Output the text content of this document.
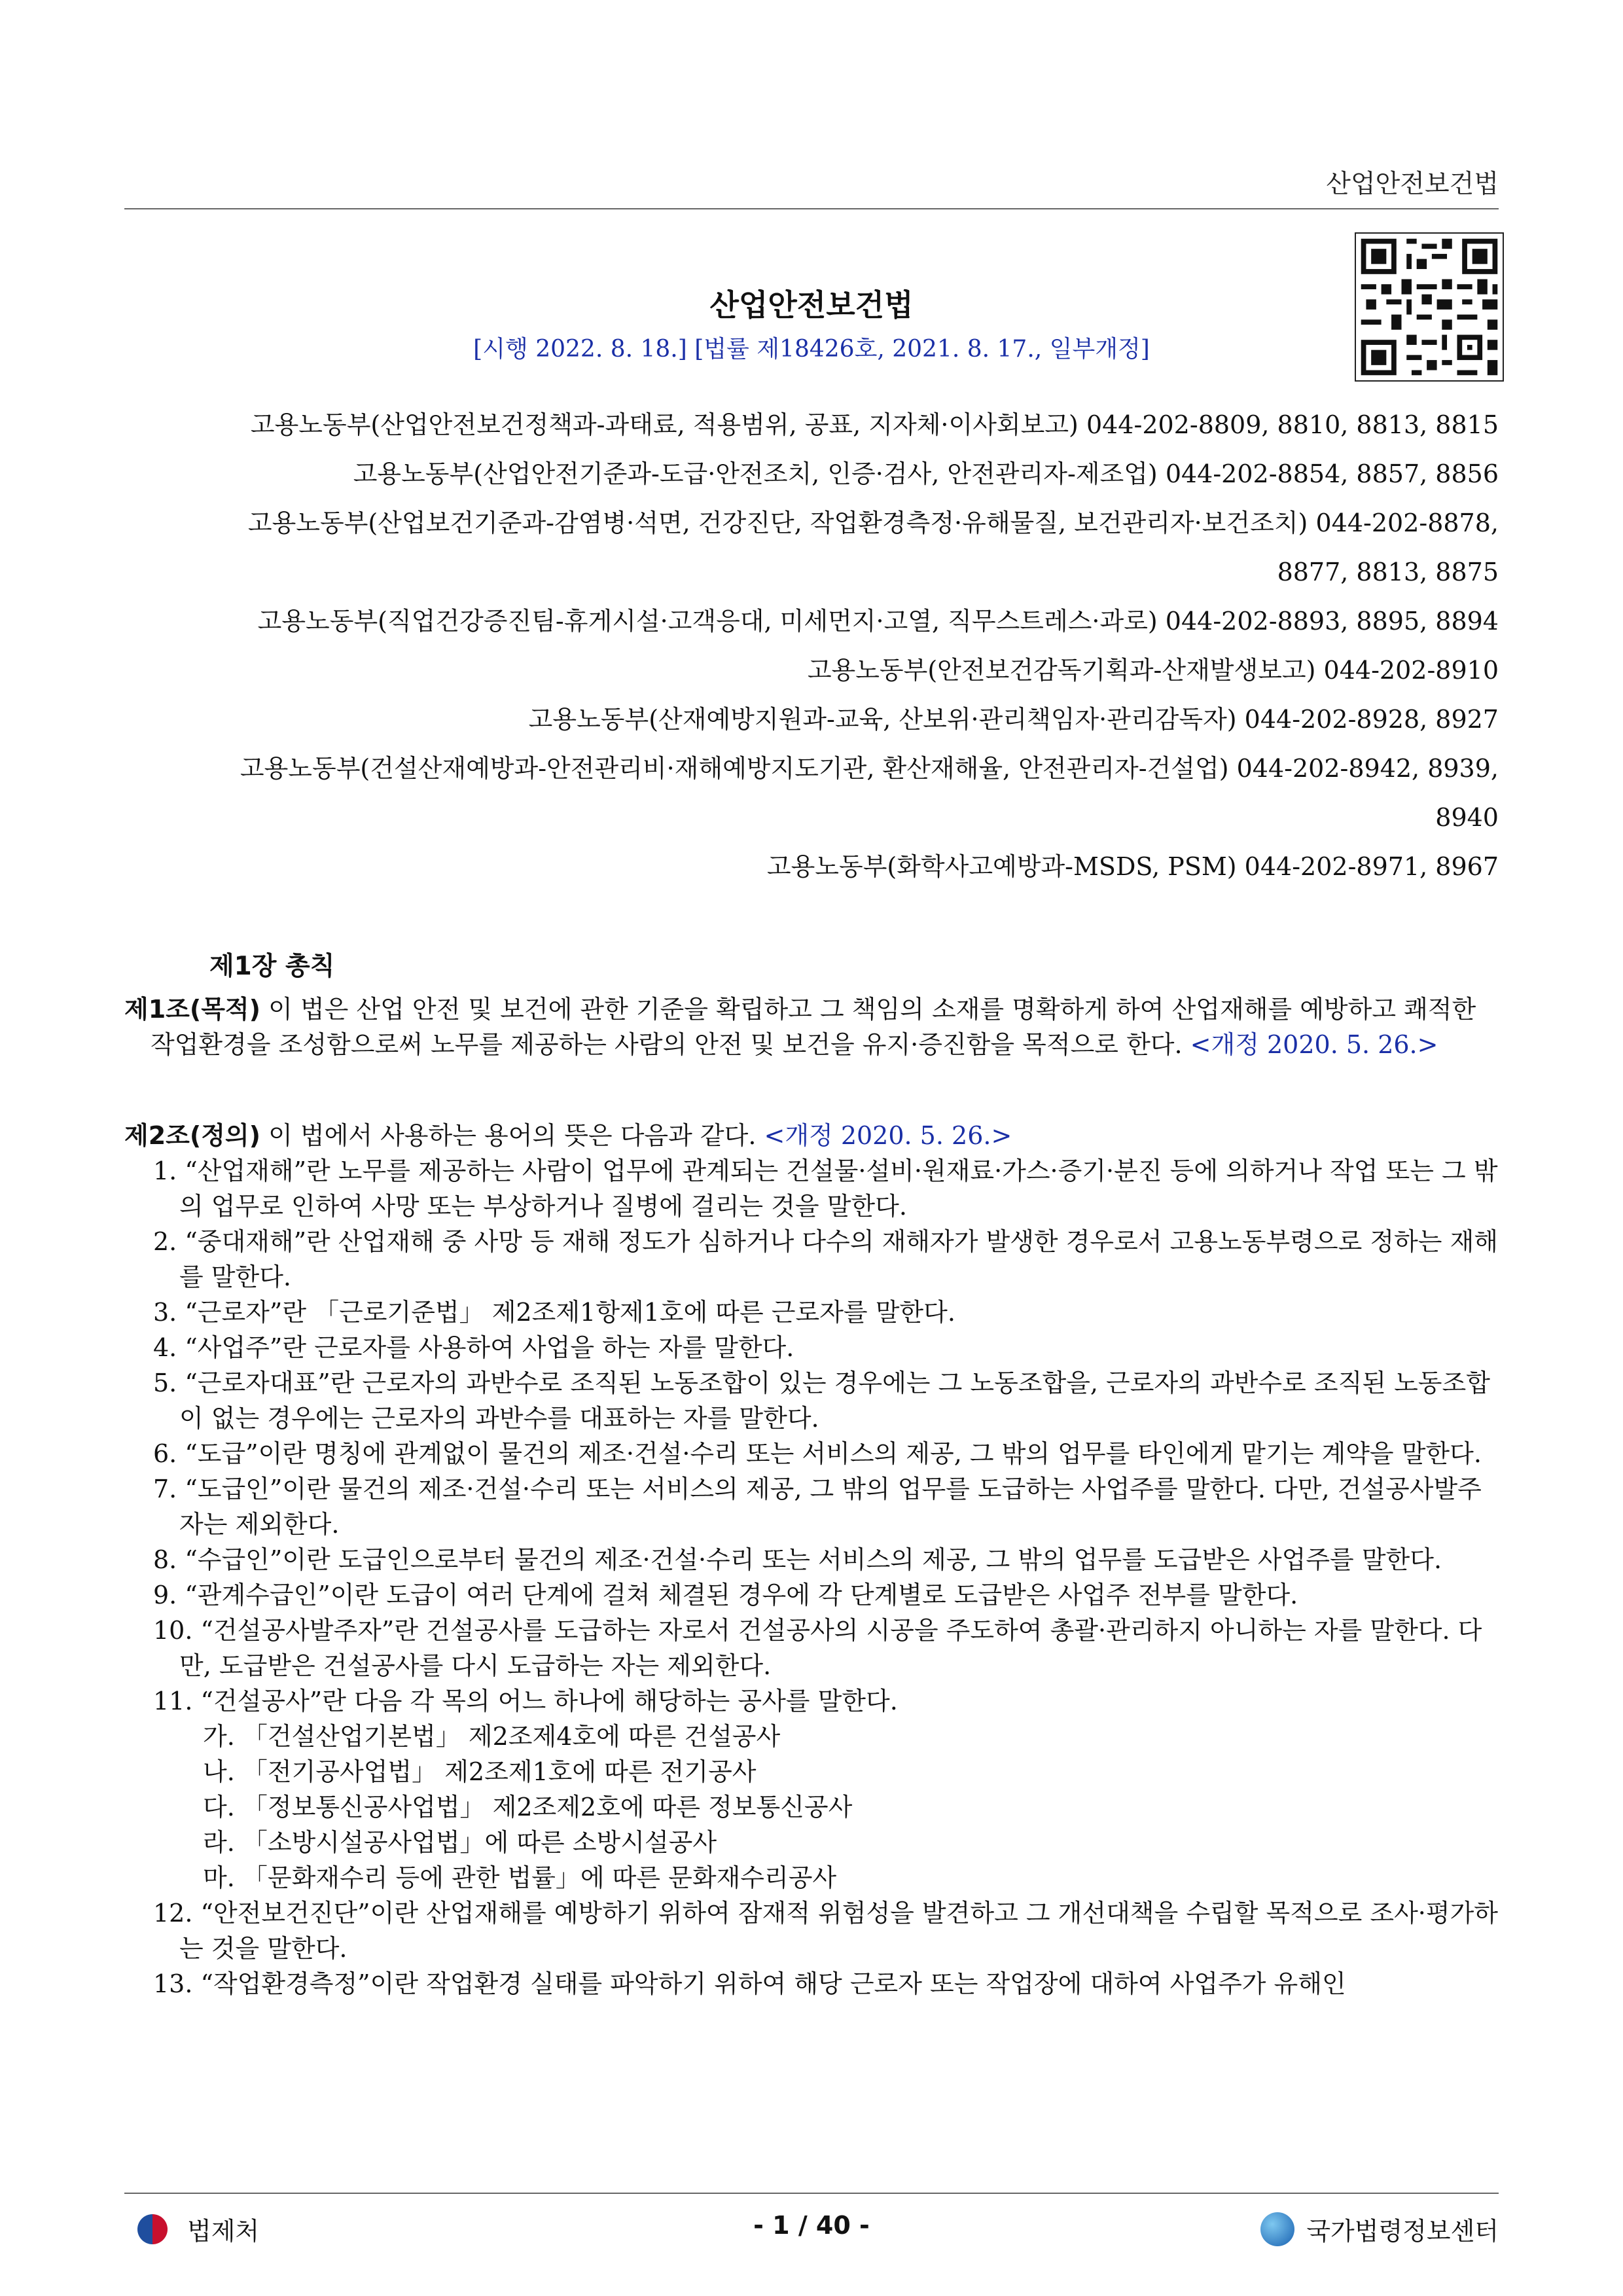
산업안전보건법
산업안전보건법
[시행 2022. 8. 18.] [법률 제18426호, 2021. 8. 17., 일부개정]
고용노동부(산업안전보건정책과-과태료, 적용범위, 공표, 지자체·이사회보고) 044-202-8809, 8810, 8813, 8815
고용노동부(산업안전기준과-도급·안전조치, 인증·검사, 안전관리자-제조업) 044-202-8854, 8857, 8856
고용노동부(산업보건기준과-감염병·석면, 건강진단, 작업환경측정·유해물질, 보건관리자·보건조치) 044-202-8878,
8877, 8813, 8875
고용노동부(직업건강증진팀-휴게시설·고객응대, 미세먼지·고열, 직무스트레스·과로) 044-202-8893, 8895, 8894
고용노동부(안전보건감독기획과-산재발생보고) 044-202-8910
고용노동부(산재예방지원과-교육, 산보위·관리책임자·관리감독자) 044-202-8928, 8927
고용노동부(건설산재예방과-안전관리비·재해예방지도기관, 환산재해율, 안전관리자-건설업) 044-202-8942, 8939,
8940
고용노동부(화학사고예방과-MSDS, PSM) 044-202-8971, 8967
제1장 총칙
제1조(목적) 이 법은 산업 안전 및 보건에 관한 기준을 확립하고 그 책임의 소재를 명확하게 하여 산업재해를 예방하고 쾌적한 작업환경을 조성함으로써 노무를 제공하는 사람의 안전 및 보건을 유지·증진함을 목적으로 한다. <개정 2020. 5. 26.>
제2조(정의) 이 법에서 사용하는 용어의 뜻은 다음과 같다. <개정 2020. 5. 26.>
1. “산업재해”란 노무를 제공하는 사람이 업무에 관계되는 건설물·설비·원재료·가스·증기·분진 등에 의하거나 작업 또는 그 밖의 업무로 인하여 사망 또는 부상하거나 질병에 걸리는 것을 말한다.
2. “중대재해”란 산업재해 중 사망 등 재해 정도가 심하거나 다수의 재해자가 발생한 경우로서 고용노동부령으로 정하는 재해를 말한다.
3. “근로자”란 「근로기준법」 제2조제1항제1호에 따른 근로자를 말한다.
4. “사업주”란 근로자를 사용하여 사업을 하는 자를 말한다.
5. “근로자대표”란 근로자의 과반수로 조직된 노동조합이 있는 경우에는 그 노동조합을, 근로자의 과반수로 조직된 노동조합이 없는 경우에는 근로자의 과반수를 대표하는 자를 말한다.
6. “도급”이란 명칭에 관계없이 물건의 제조·건설·수리 또는 서비스의 제공, 그 밖의 업무를 타인에게 맡기는 계약을 말한다.
7. “도급인”이란 물건의 제조·건설·수리 또는 서비스의 제공, 그 밖의 업무를 도급하는 사업주를 말한다. 다만, 건설공사발주자는 제외한다.
8. “수급인”이란 도급인으로부터 물건의 제조·건설·수리 또는 서비스의 제공, 그 밖의 업무를 도급받은 사업주를 말한다.
9. “관계수급인”이란 도급이 여러 단계에 걸쳐 체결된 경우에 각 단계별로 도급받은 사업주 전부를 말한다.
10. “건설공사발주자”란 건설공사를 도급하는 자로서 건설공사의 시공을 주도하여 총괄·관리하지 아니하는 자를 말한다. 다만, 도급받은 건설공사를 다시 도급하는 자는 제외한다.
11. “건설공사”란 다음 각 목의 어느 하나에 해당하는 공사를 말한다.
가. 「건설산업기본법」 제2조제4호에 따른 건설공사
나. 「전기공사업법」 제2조제1호에 따른 전기공사
다. 「정보통신공사업법」 제2조제2호에 따른 정보통신공사
라. 「소방시설공사업법」에 따른 소방시설공사
마. 「문화재수리 등에 관한 법률」에 따른 문화재수리공사
12. “안전보건진단”이란 산업재해를 예방하기 위하여 잠재적 위험성을 발견하고 그 개선대책을 수립할 목적으로 조사·평가하는 것을 말한다.
13. “작업환경측정”이란 작업환경 실태를 파악하기 위하여 해당 근로자 또는 작업장에 대하여 사업주가 유해인
법제처	- 1 / 40 -	국가법령정보센터
